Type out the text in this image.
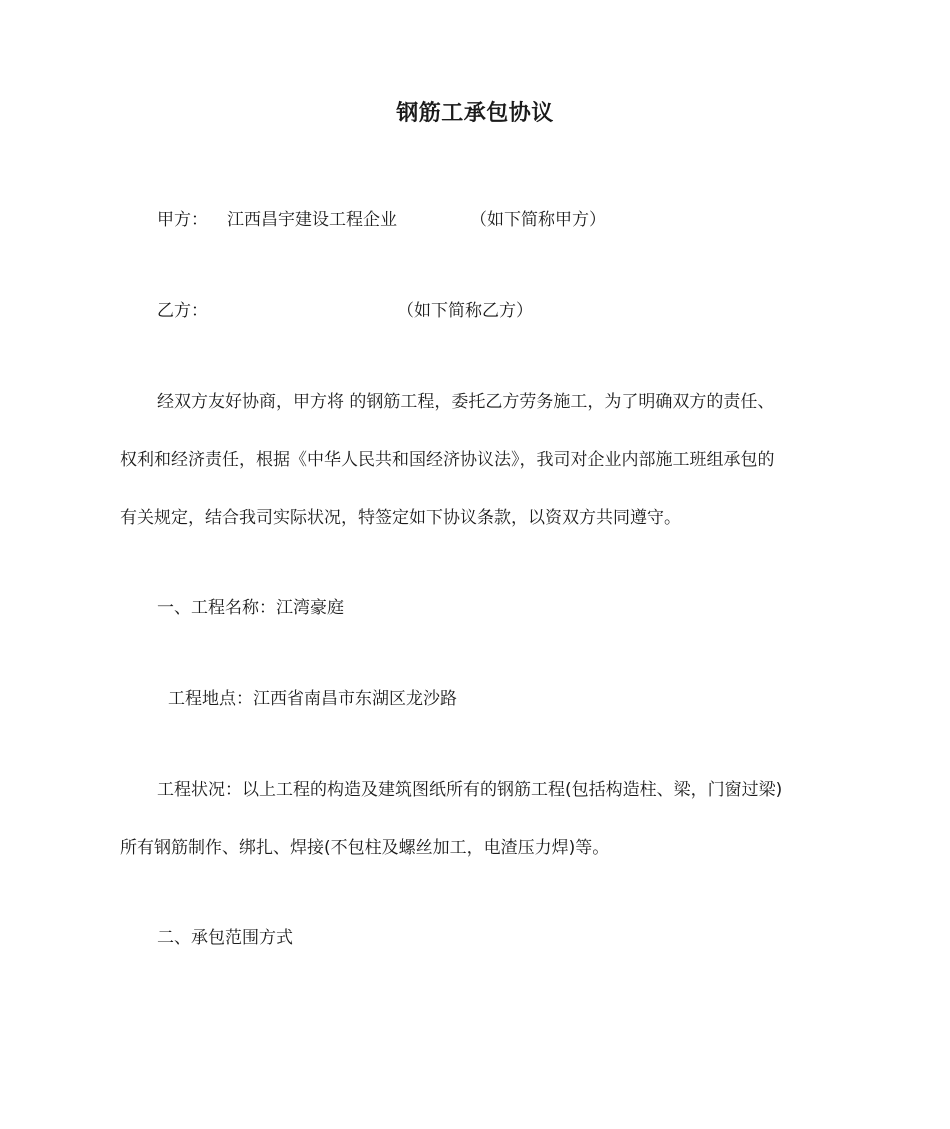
钢筋工承包协议
甲方： 江西昌宇建设工程企业	（如下简称甲方）
乙方：	（如下简称乙方）
经双方友好协商，甲方将 的钢筋工程，委托乙方劳务施工，为了明确双方的责任、
权利和经济责任，根据《中华人民共和国经济协议法》，我司对企业内部施工班组承包的
有关规定，结合我司实际状况，特签定如下协议条款，以资双方共同遵守。
一、工程名称：江湾豪庭
工程地点：江西省南昌市东湖区龙沙路
工程状况：以上工程的构造及建筑图纸所有的钢筋工程(包括构造柱、梁，门窗过梁)
所有钢筋制作、绑扎、焊接(不包柱及螺丝加工，电渣压力焊)等。
二、承包范围方式
